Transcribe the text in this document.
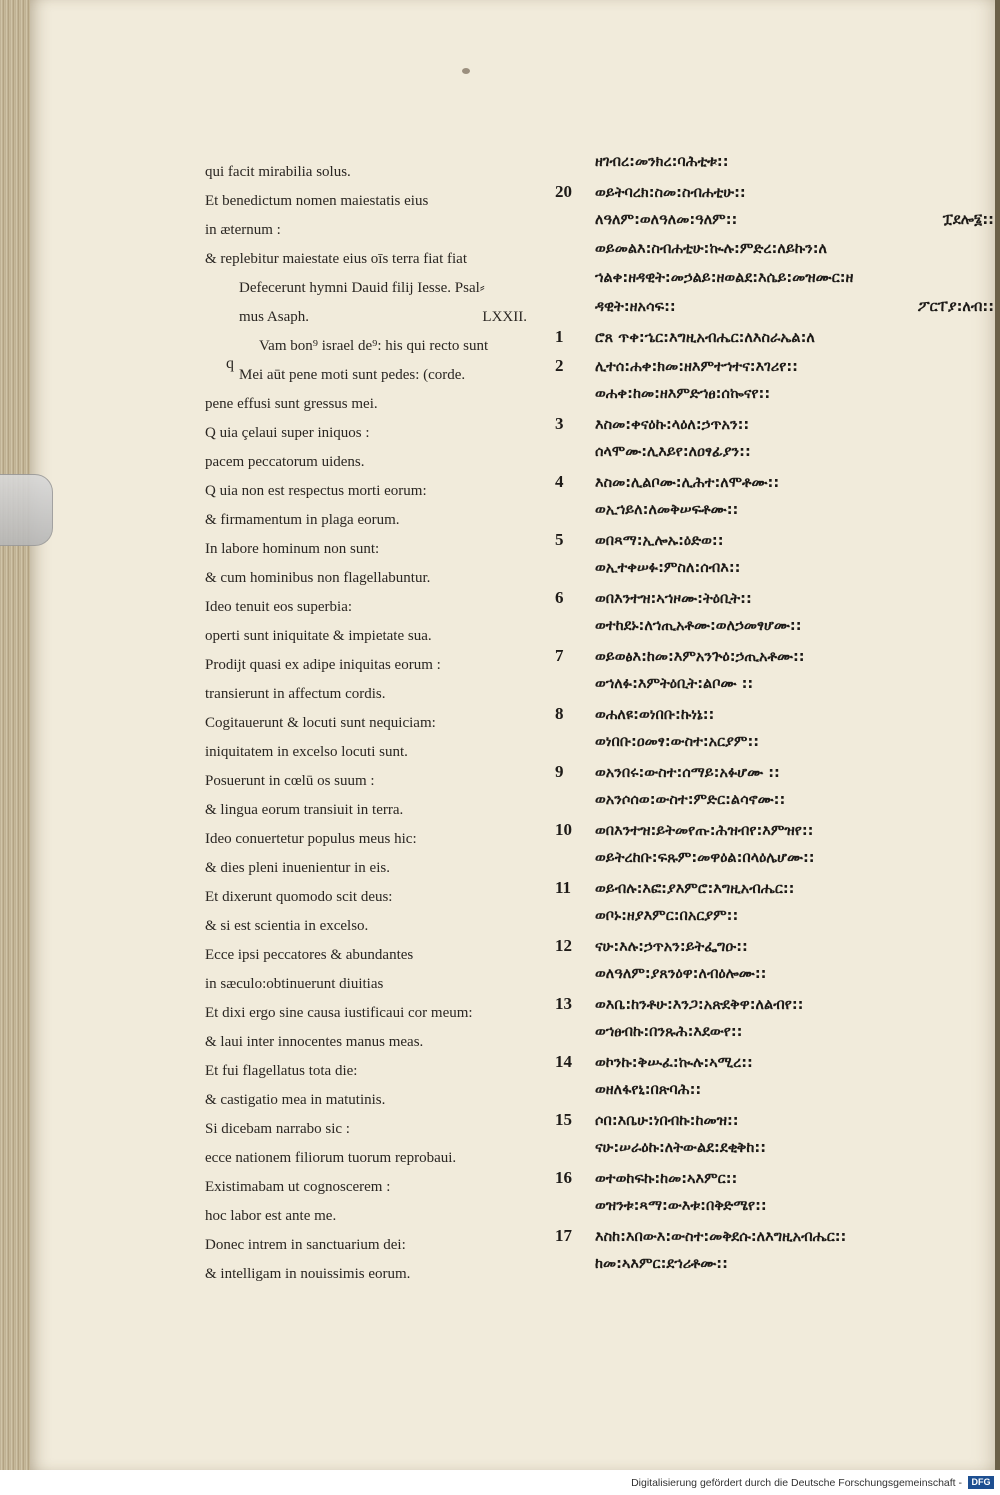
q
qui facit mirabilia solus.
Et benedictum nomen maiestatis eius
in æternum :
& replebitur maiestate eius oīs terra fiat fiat
Defecerunt hymni Dauid filij Iesse. Psal⸗
LXXII.
mus Asaph.
Vam bon⁹ israel de⁹: his qui recto sunt
Mei aūt pene moti sunt pedes: (corde.
pene effusi sunt gressus mei.
Q uia çelaui super iniquos :
pacem peccatorum uidens.
Q uia non est respectus morti eorum:
& firmamentum in plaga eorum.
In labore hominum non sunt:
& cum hominibus non flagellabuntur.
Ideo tenuit eos superbia:
operti sunt iniquitate & impietate sua.
Prodijt quasi ex adipe iniquitas eorum :
transierunt in affectum cordis.
Cogitauerunt & locuti sunt nequiciam:
iniquitatem in excelso locuti sunt.
Posuerunt in cœlū os suum :
& lingua eorum transiuit in terra.
Ideo conuertetur populus meus hic:
& dies pleni inuenientur in eis.
Et dixerunt quomodo scit deus:
& si est scientia in excelso.
Ecce ipsi peccatores & abundantes
in sæculo:obtinuerunt diuitias
Et dixi ergo sine causa iustificaui cor meum:
& laui inter innocentes manus meas.
Et fui flagellatus tota die:
& castigatio mea in matutinis.
Si dicebam narrabo sic :
ecce nationem filiorum tuorum reprobaui.
Existimabam ut cognoscerem :
hoc labor est ante me.
Donec intrem in sanctuarium dei:
& intelligam in nouissimis eorum.
ዘገብረ:መንክረ:ባሕቲቱ::
20 ወይትባረክ:ስመ:ስብሐቲሁ::
ለዓለም:ወለዓለመ:ዓለም::	ፗደሎ፮::
ወይመልእ:ስብሐቲሁ:ኲሉ:ምድረ:ለይኩን:ለ
ኀልቀ:ዘዳዊት:መኃልይ:ዘወልደ:እሴይ:መዝሙር:ዘ
ዳዊት:ዘአሳፍ::	ፖርፐያ:ለብ::
1 ሮጸ ጥቀ:ኄር:እግዚአብሔር:ለእስራኤል:ለ
2 ሊተሰ:ሐቀ:ክመ:ዘእምተኀተና:እገሪየ::
ወሐቀ:ከመ:ዘእምድኀፀ:ሰኰናየ::
3 እስመ:ቀናዕኩ:ላዕለ:ኃጥአን::
ሰላሞሙ:ሊእይየ:ለዐፃፊያን::
4 እስመ:ሊልቦሙ:ሊሕተ:ለሞቶሙ::
ወኢኀይለ:ለመቅሠፍቶሙ::
5 ወበጻማ:ኢሎኡ:ዕድወ::
ወኢተቀሠፉ:ምስለ:ሰብእ::
6 ወበእንተዝ:ኣኀዞሙ:ትዕቢት::
ወተከደኑ:ለኀጢአቶሙ:ወለኃመፃሆሙ::
7 ወይወፅእ:ከመ:እምአንጕዕ:ኃጢአቶሙ::
ወኀለፉ:እምትዕቢት:ልቦሙ ::
8 ወሐለዩ:ወነበቡ:ኩነኔ::
ወነበቡ:ዐመፃ:ውስተ:አርያም::
9 ወአንበሩ:ውስተ:ሰማይ:አፉሆሙ ::
ወአንሶሰወ:ውስተ:ምድር:ልሳኖሙ::
10 ወበእንተዝ:ይትመየጡ:ሕዝብየ:እምዝየ::
ወይትረከቡ:ፍጹም:መዋዕል:በላዕሌሆሙ::
11 ወይብሉ:እፎ:ያእምሮ:እግዚአብሔር::
ወቦኑ:ዘያእምር:በአርያም::
12 ናሁ:እሉ:ኃጥአን:ይትፌግዑ::
ወለዓለም:ያጸንዕዋ:ለብዕሎሙ::
13 ወእቤ:ከንቶሁ:እንጋ:አጽደቅዋ:ለልብየ::
ወኀፀብኩ:በንጹሕ:እደውየ::
14 ወኮንኩ:ቅሡፈ:ኲሉ:ኣሚረ::
ወዘለፋየኒ:በጽባሕ::
15 ሶበ:እቤሁ:ነበብኩ:ከመዝ::
ናሁ:ሠራዕኩ:ለትውልደ:ደቂቅከ::
16 ወተወከፍኩ:ከመ:ኣእምር::
ወዝንቱ:ጻማ:ውእቱ:በቅድሜየ::
17 እስከ:እበውእ:ውስተ:መቅደሱ:ለእግዚአብሔር::
ከመ:ኣእምር:ደኀሪቶሙ::
Digitalisierung gefördert durch die Deutsche Forschungsgemeinschaft -	DFG
